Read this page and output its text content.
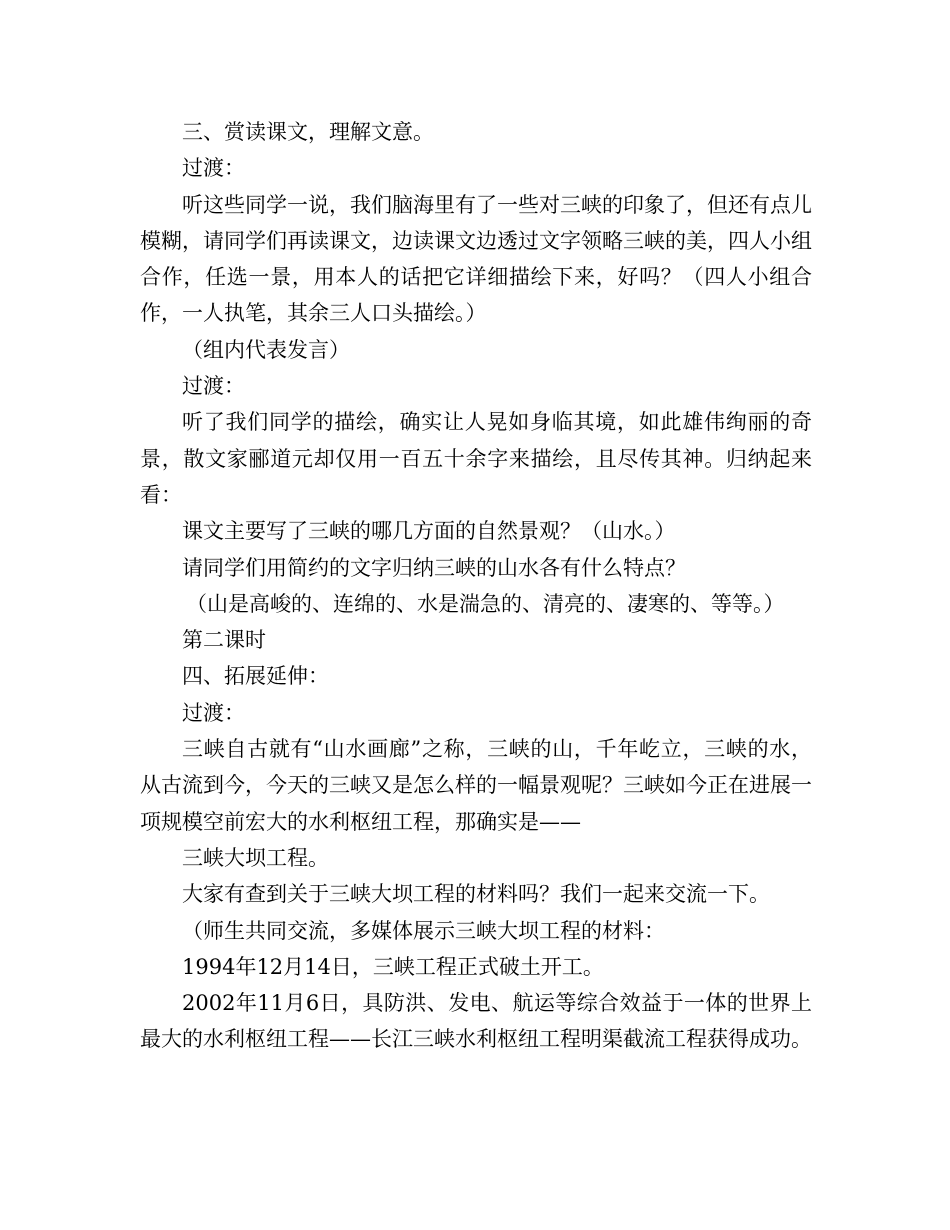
三、赏读课文，理解文意。

过渡：

听这些同学一说，我们脑海里有了一些对三峡的印象了，但还有点儿模糊，请同学们再读课文，边读课文边透过文字领略三峡的美，四人小组合作，任选一景，用本人的话把它详细描绘下来，好吗？（四人小组合作，一人执笔，其余三人口头描绘。）

（组内代表发言）

过渡：

听了我们同学的描绘，确实让人晃如身临其境，如此雄伟绚丽的奇景，散文家郦道元却仅用一百五十余字来描绘，且尽传其神。归纳起来看：

课文主要写了三峡的哪几方面的自然景观？（山水。）

请同学们用简约的文字归纳三峡的山水各有什么特点？

（山是高峻的、连绵的、水是湍急的、清亮的、凄寒的、等等。）

第二课时

四、拓展延伸：

过渡：

三峡自古就有“山水画廊”之称，三峡的山，千年屹立，三峡的水，从古流到今，今天的三峡又是怎么样的一幅景观呢？三峡如今正在进展一项规模空前宏大的水利枢纽工程，那确实是——

三峡大坝工程。

大家有查到关于三峡大坝工程的材料吗？我们一起来交流一下。

（师生共同交流，多媒体展示三峡大坝工程的材料：

1994年12月14日，三峡工程正式破土开工。

2002年11月6日，具防洪、发电、航运等综合效益于一体的世界上最大的水利枢纽工程——长江三峡水利枢纽工程明渠截流工程获得成功。
